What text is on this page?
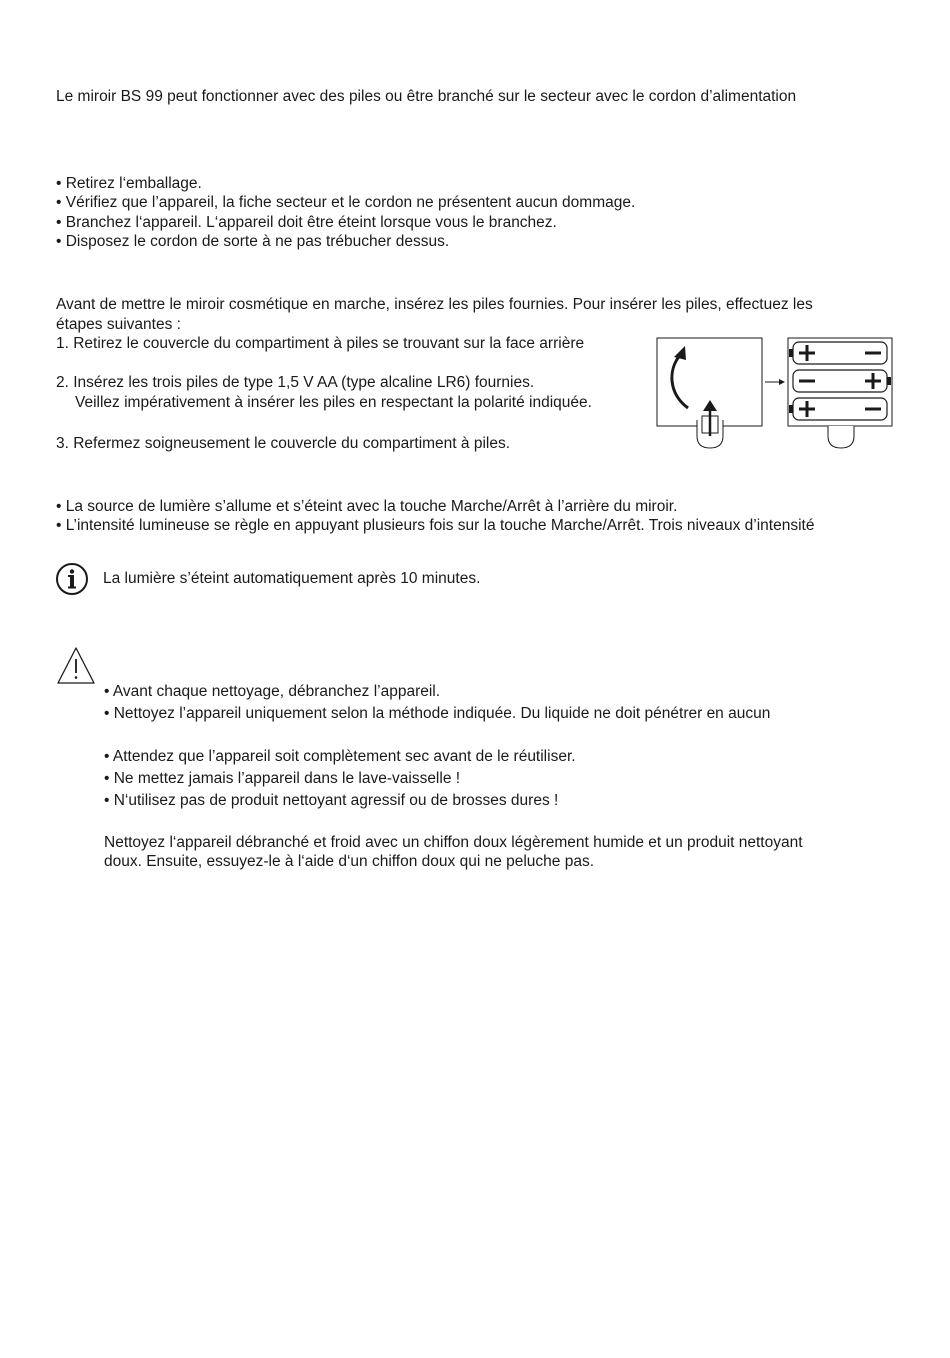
Le miroir BS 99 peut fonctionner avec des piles ou être branché sur le secteur avec le cordon d’alimentation
• Retirez l‘emballage.
• Vérifiez que l’appareil, la fiche secteur et le cordon ne présentent aucun dommage.
• Branchez l‘appareil. L‘appareil doit être éteint lorsque vous le branchez.
• Disposez le cordon de sorte à ne pas trébucher dessus.
Avant de mettre le miroir cosmétique en marche, insérez les piles fournies. Pour insérer les piles, effectuez les
étapes suivantes :
1. Retirez le couvercle du compartiment à piles se trouvant sur la face arrière
2. Insérez les trois piles de type 1,5 V AA (type alcaline LR6) fournies.
Veillez impérativement à insérer les piles en respectant la polarité indiquée.
3. Refermez soigneusement le couvercle du compartiment à piles.
• La source de lumière s’allume et s’éteint avec la touche Marche/Arrêt à l’arrière du miroir.
• L’intensité lumineuse se règle en appuyant plusieurs fois sur la touche Marche/Arrêt. Trois niveaux d’intensité
La lumière s’éteint automatiquement après 10 minutes.
• Avant chaque nettoyage, débranchez l’appareil.
• Nettoyez l’appareil uniquement selon la méthode indiquée. Du liquide ne doit pénétrer en aucun
• Attendez que l’appareil soit complètement sec avant de le réutiliser.
• Ne mettez jamais l’appareil dans le lave-vaisselle !
• N‘utilisez pas de produit nettoyant agressif ou de brosses dures !
Nettoyez l‘appareil débranché et froid avec un chiffon doux légèrement humide et un produit nettoyant
doux. Ensuite, essuyez-le à l‘aide d‘un chiffon doux qui ne peluche pas.
